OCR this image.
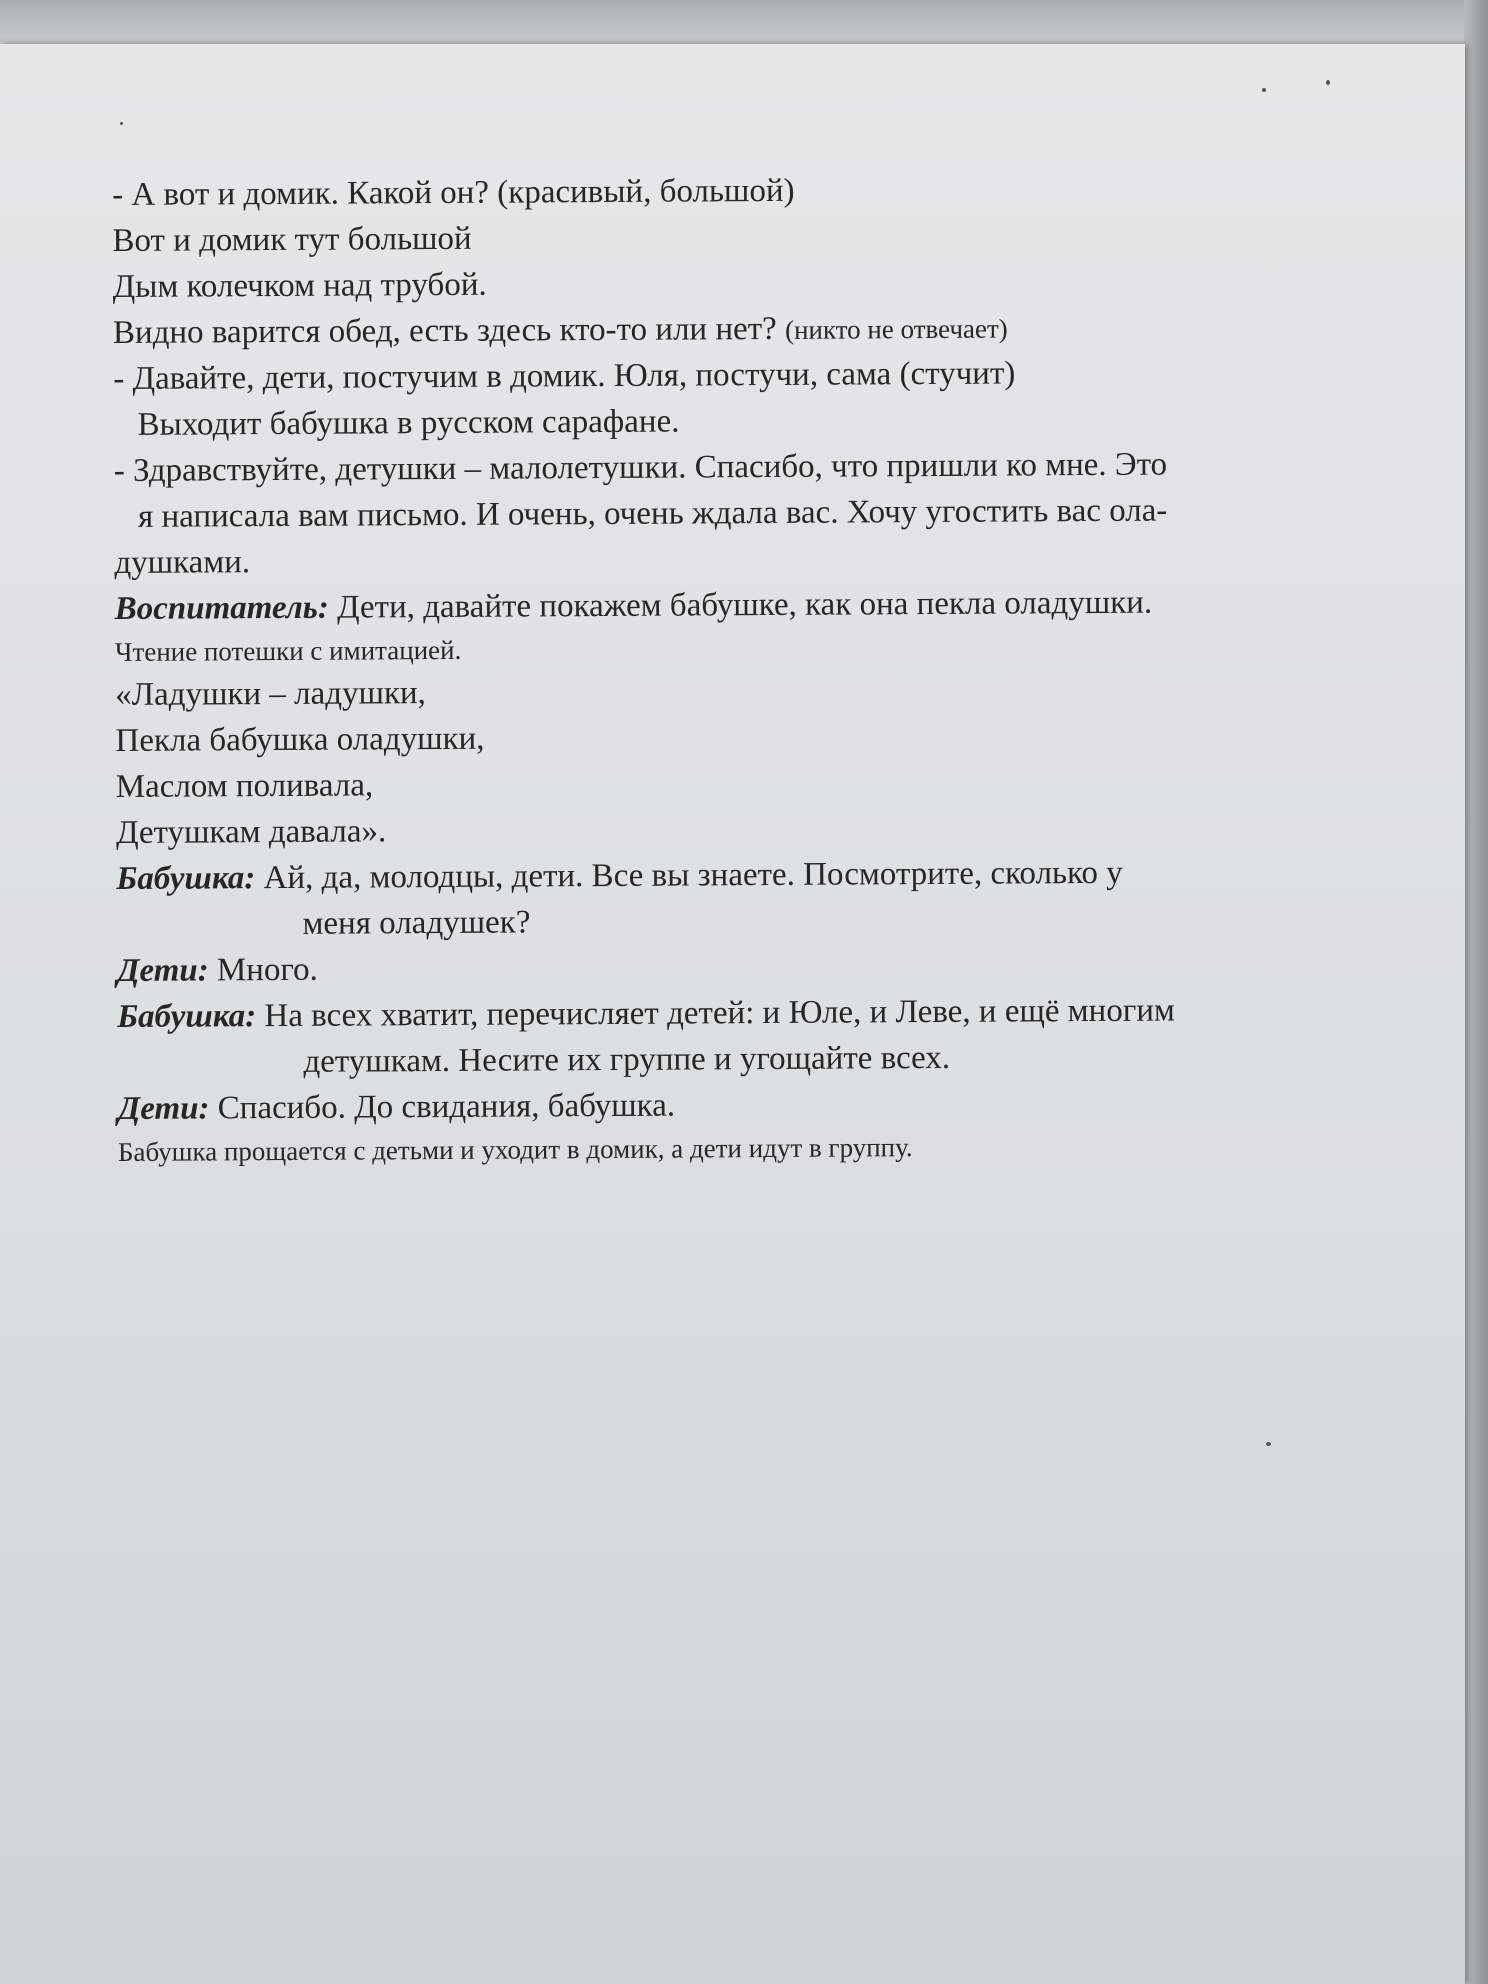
- А вот и домик. Какой он? (красивый, большой)

Вот и домик тут большой

Дым колечком над трубой.

Видно варится обед, есть здесь кто-то или нет? (никто не отвечает)

- Давайте, дети, постучим в домик. Юля, постучи, сама (стучит)

Выходит бабушка в русском сарафане.

- Здравствуйте, детушки – малолетушки. Спасибо, что пришли ко мне. Это

я написала вам письмо. И очень, очень ждала вас. Хочу угостить вас ола-

душками.

Воспитатель: Дети, давайте покажем бабушке, как она пекла оладушки.

Чтение потешки с имитацией.

«Ладушки – ладушки,

Пекла бабушка оладушки,

Маслом поливала,

Детушкам давала».

Бабушка: Ай, да, молодцы, дети. Все вы знаете. Посмотрите, сколько у

меня оладушек?

Дети: Много.

Бабушка: На всех хватит, перечисляет детей: и Юле, и Леве, и ещё многим

детушкам. Несите их группе и угощайте всех.

Дети: Спасибо. До свидания, бабушка.

Бабушка прощается с детьми и уходит в домик, а дети идут в группу.
